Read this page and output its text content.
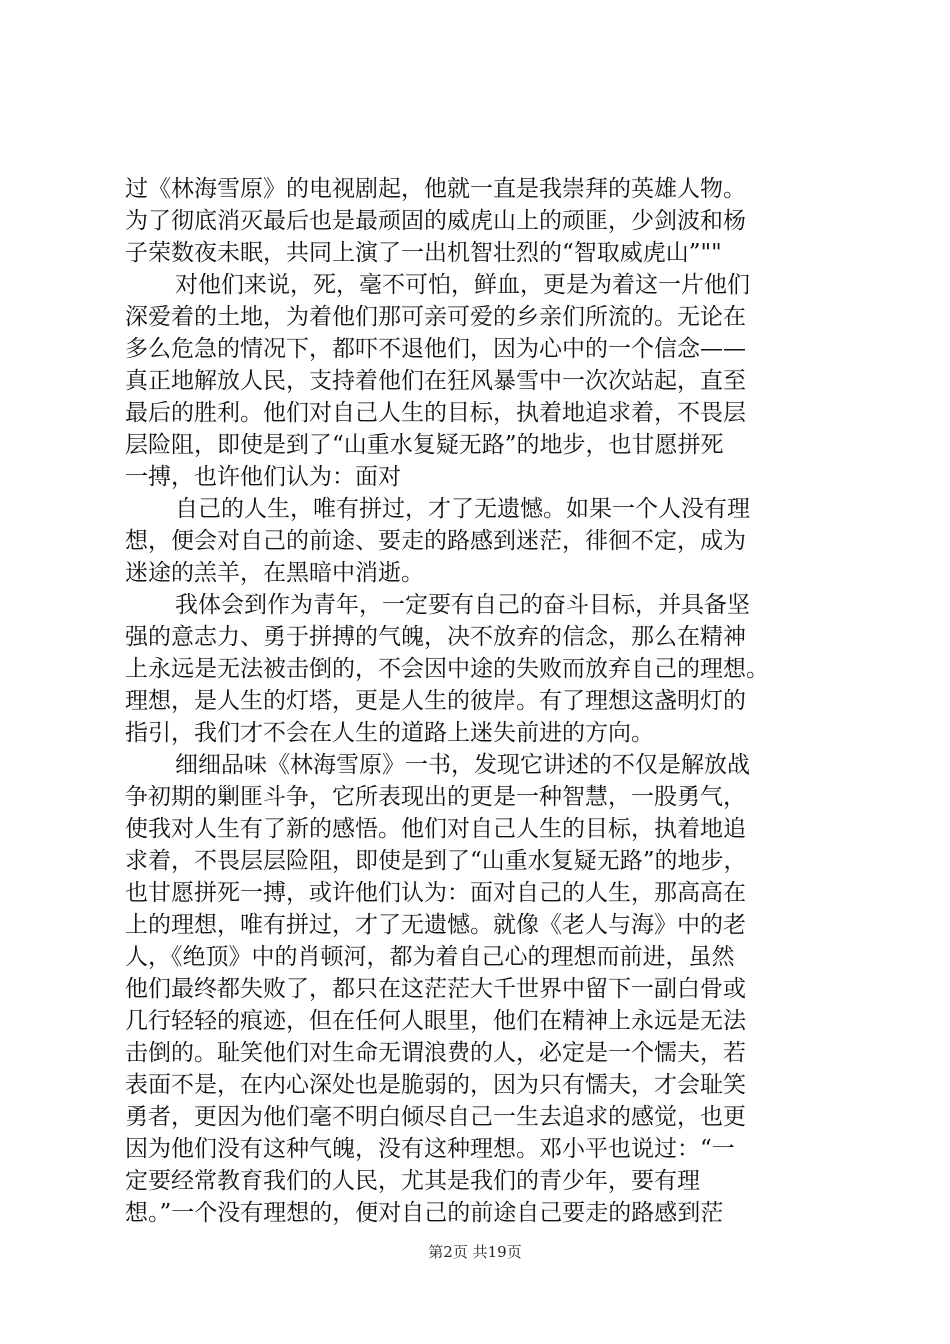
过《林海雪原》的电视剧起，他就一直是我崇拜的英雄人物。
为了彻底消灭最后也是最顽固的威虎山上的顽匪，少剑波和杨
子荣数夜未眠，共同上演了一出机智壮烈的“智取威虎山”""
对他们来说，死，毫不可怕，鲜血，更是为着这一片他们
深爱着的土地，为着他们那可亲可爱的乡亲们所流的。无论在
多么危急的情况下，都吓不退他们，因为心中的一个信念——
真正地解放人民，支持着他们在狂风暴雪中一次次站起，直至
最后的胜利。他们对自己人生的目标，执着地追求着，不畏层
层险阻，即使是到了“山重水复疑无路”的地步，也甘愿拼死
一搏，也许他们认为：面对
自己的人生，唯有拼过，才了无遗憾。如果一个人没有理
想，便会对自己的前途、要走的路感到迷茫，徘徊不定，成为
迷途的羔羊，在黑暗中消逝。
我体会到作为青年，一定要有自己的奋斗目标，并具备坚
强的意志力、勇于拼搏的气魄，决不放弃的信念，那么在精神
上永远是无法被击倒的，不会因中途的失败而放弃自己的理想。
理想，是人生的灯塔，更是人生的彼岸。有了理想这盏明灯的
指引，我们才不会在人生的道路上迷失前进的方向。
细细品味《林海雪原》一书，发现它讲述的不仅是解放战
争初期的剿匪斗争，它所表现出的更是一种智慧，一股勇气，
使我对人生有了新的感悟。他们对自己人生的目标，执着地追
求着，不畏层层险阻，即使是到了“山重水复疑无路”的地步，
也甘愿拼死一搏，或许他们认为：面对自己的人生，那高高在
上的理想，唯有拼过，才了无遗憾。就像《老人与海》中的老
人，《绝顶》中的肖顿河，都为着自己心的理想而前进，虽然
他们最终都失败了，都只在这茫茫大千世界中留下一副白骨或
几行轻轻的痕迹，但在任何人眼里，他们在精神上永远是无法
击倒的。耻笑他们对生命无谓浪费的人，必定是一个懦夫，若
表面不是，在内心深处也是脆弱的，因为只有懦夫，才会耻笑
勇者，更因为他们毫不明白倾尽自己一生去追求的感觉，也更
因为他们没有这种气魄，没有这种理想。邓小平也说过：“一
定要经常教育我们的人民，尤其是我们的青少年，要有理
想。”一个没有理想的，便对自己的前途自己要走的路感到茫
第2页 共19页
